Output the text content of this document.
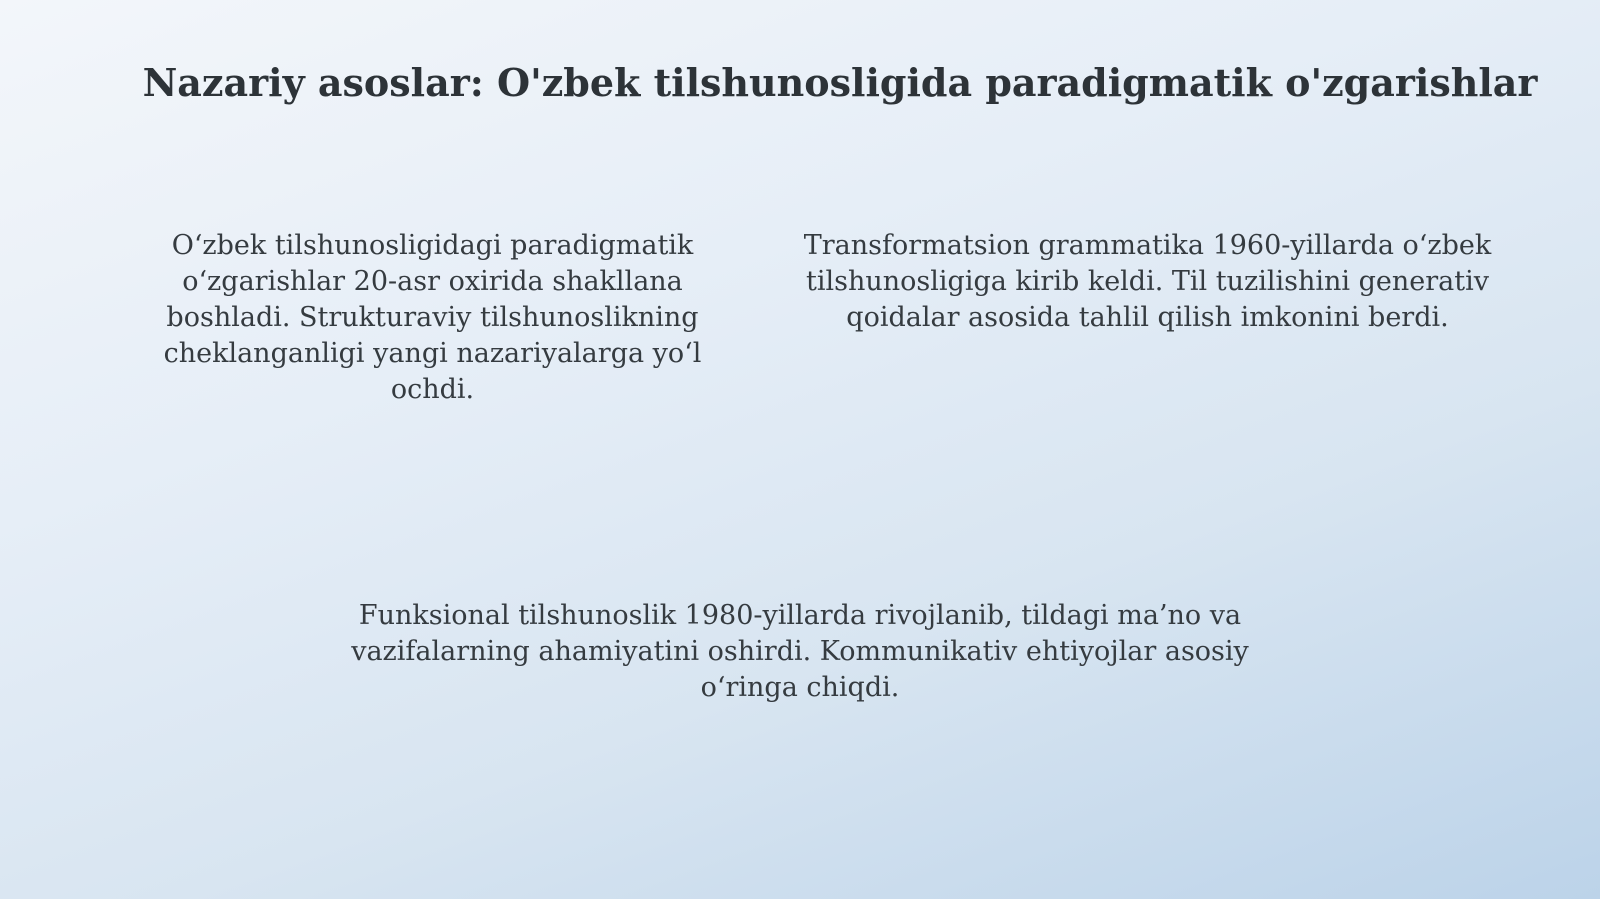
Nazariy asoslar: O'zbek tilshunosligida paradigmatik o'zgarishlar

O‘zbek tilshunosligidagi paradigmatik o‘zgarishlar 20-asr oxirida shakllana boshladi. Strukturaviy tilshunoslikning cheklanganligi yangi nazariyalarga yo‘l ochdi.

Transformatsion grammatika 1960-yillarda o‘zbek tilshunosligiga kirib keldi. Til tuzilishini generativ qoidalar asosida tahlil qilish imkonini berdi.

Funksional tilshunoslik 1980-yillarda rivojlanib, tildagi ma’no va vazifalarning ahamiyatini oshirdi. Kommunikativ ehtiyojlar asosiy o‘ringa chiqdi.
